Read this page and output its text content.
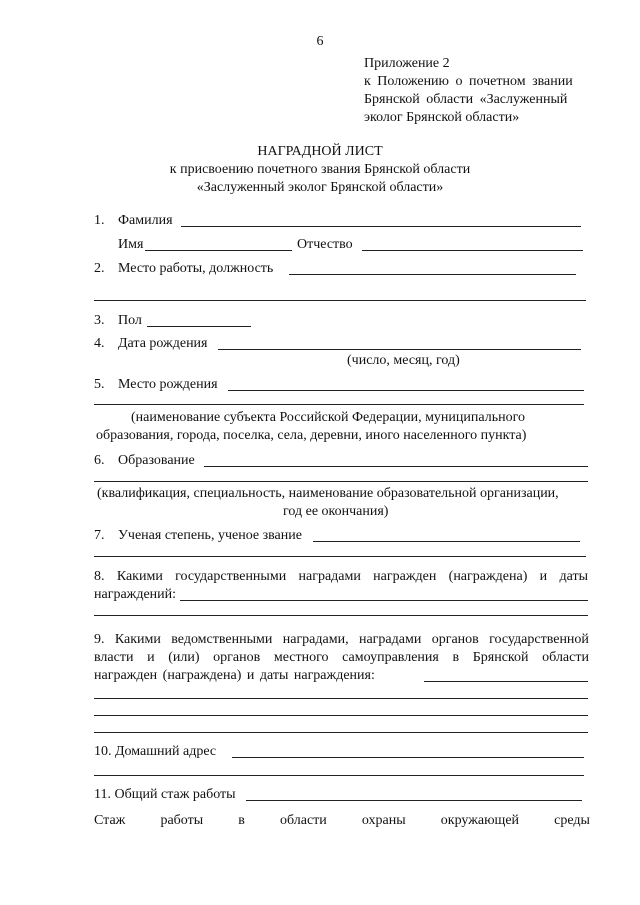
6
Приложение 2
к Положению о почетном звании
Брянской области «Заслуженный
эколог Брянской области»
НАГРАДНОЙ ЛИСТ
к присвоению почетного звания Брянской области
«Заслуженный эколог Брянской области»
1. Фамилия
Имя	Отчество
2. Место работы, должность
3. Пол
4. Дата рождения
(число, месяц, год)
5. Место рождения
(наименование субъекта Российской Федерации, муниципального
образования, города, поселка, села, деревни, иного населенного пункта)
6. Образование
(квалификация, специальность, наименование образовательной организации,
год ее окончания)
7. Ученая степень, ученое звание
8. Какими государственными наградами награжден (награждена) и даты
награждений:
9. Какими ведомственными наградами, наградами органов государственной
власти и (или) органов местного самоуправления в Брянской области
награжден (награждена) и даты награждения:
10. Домашний адрес
11. Общий стаж работы
Стаж	работы	в	области	охраны	окружающей	среды
